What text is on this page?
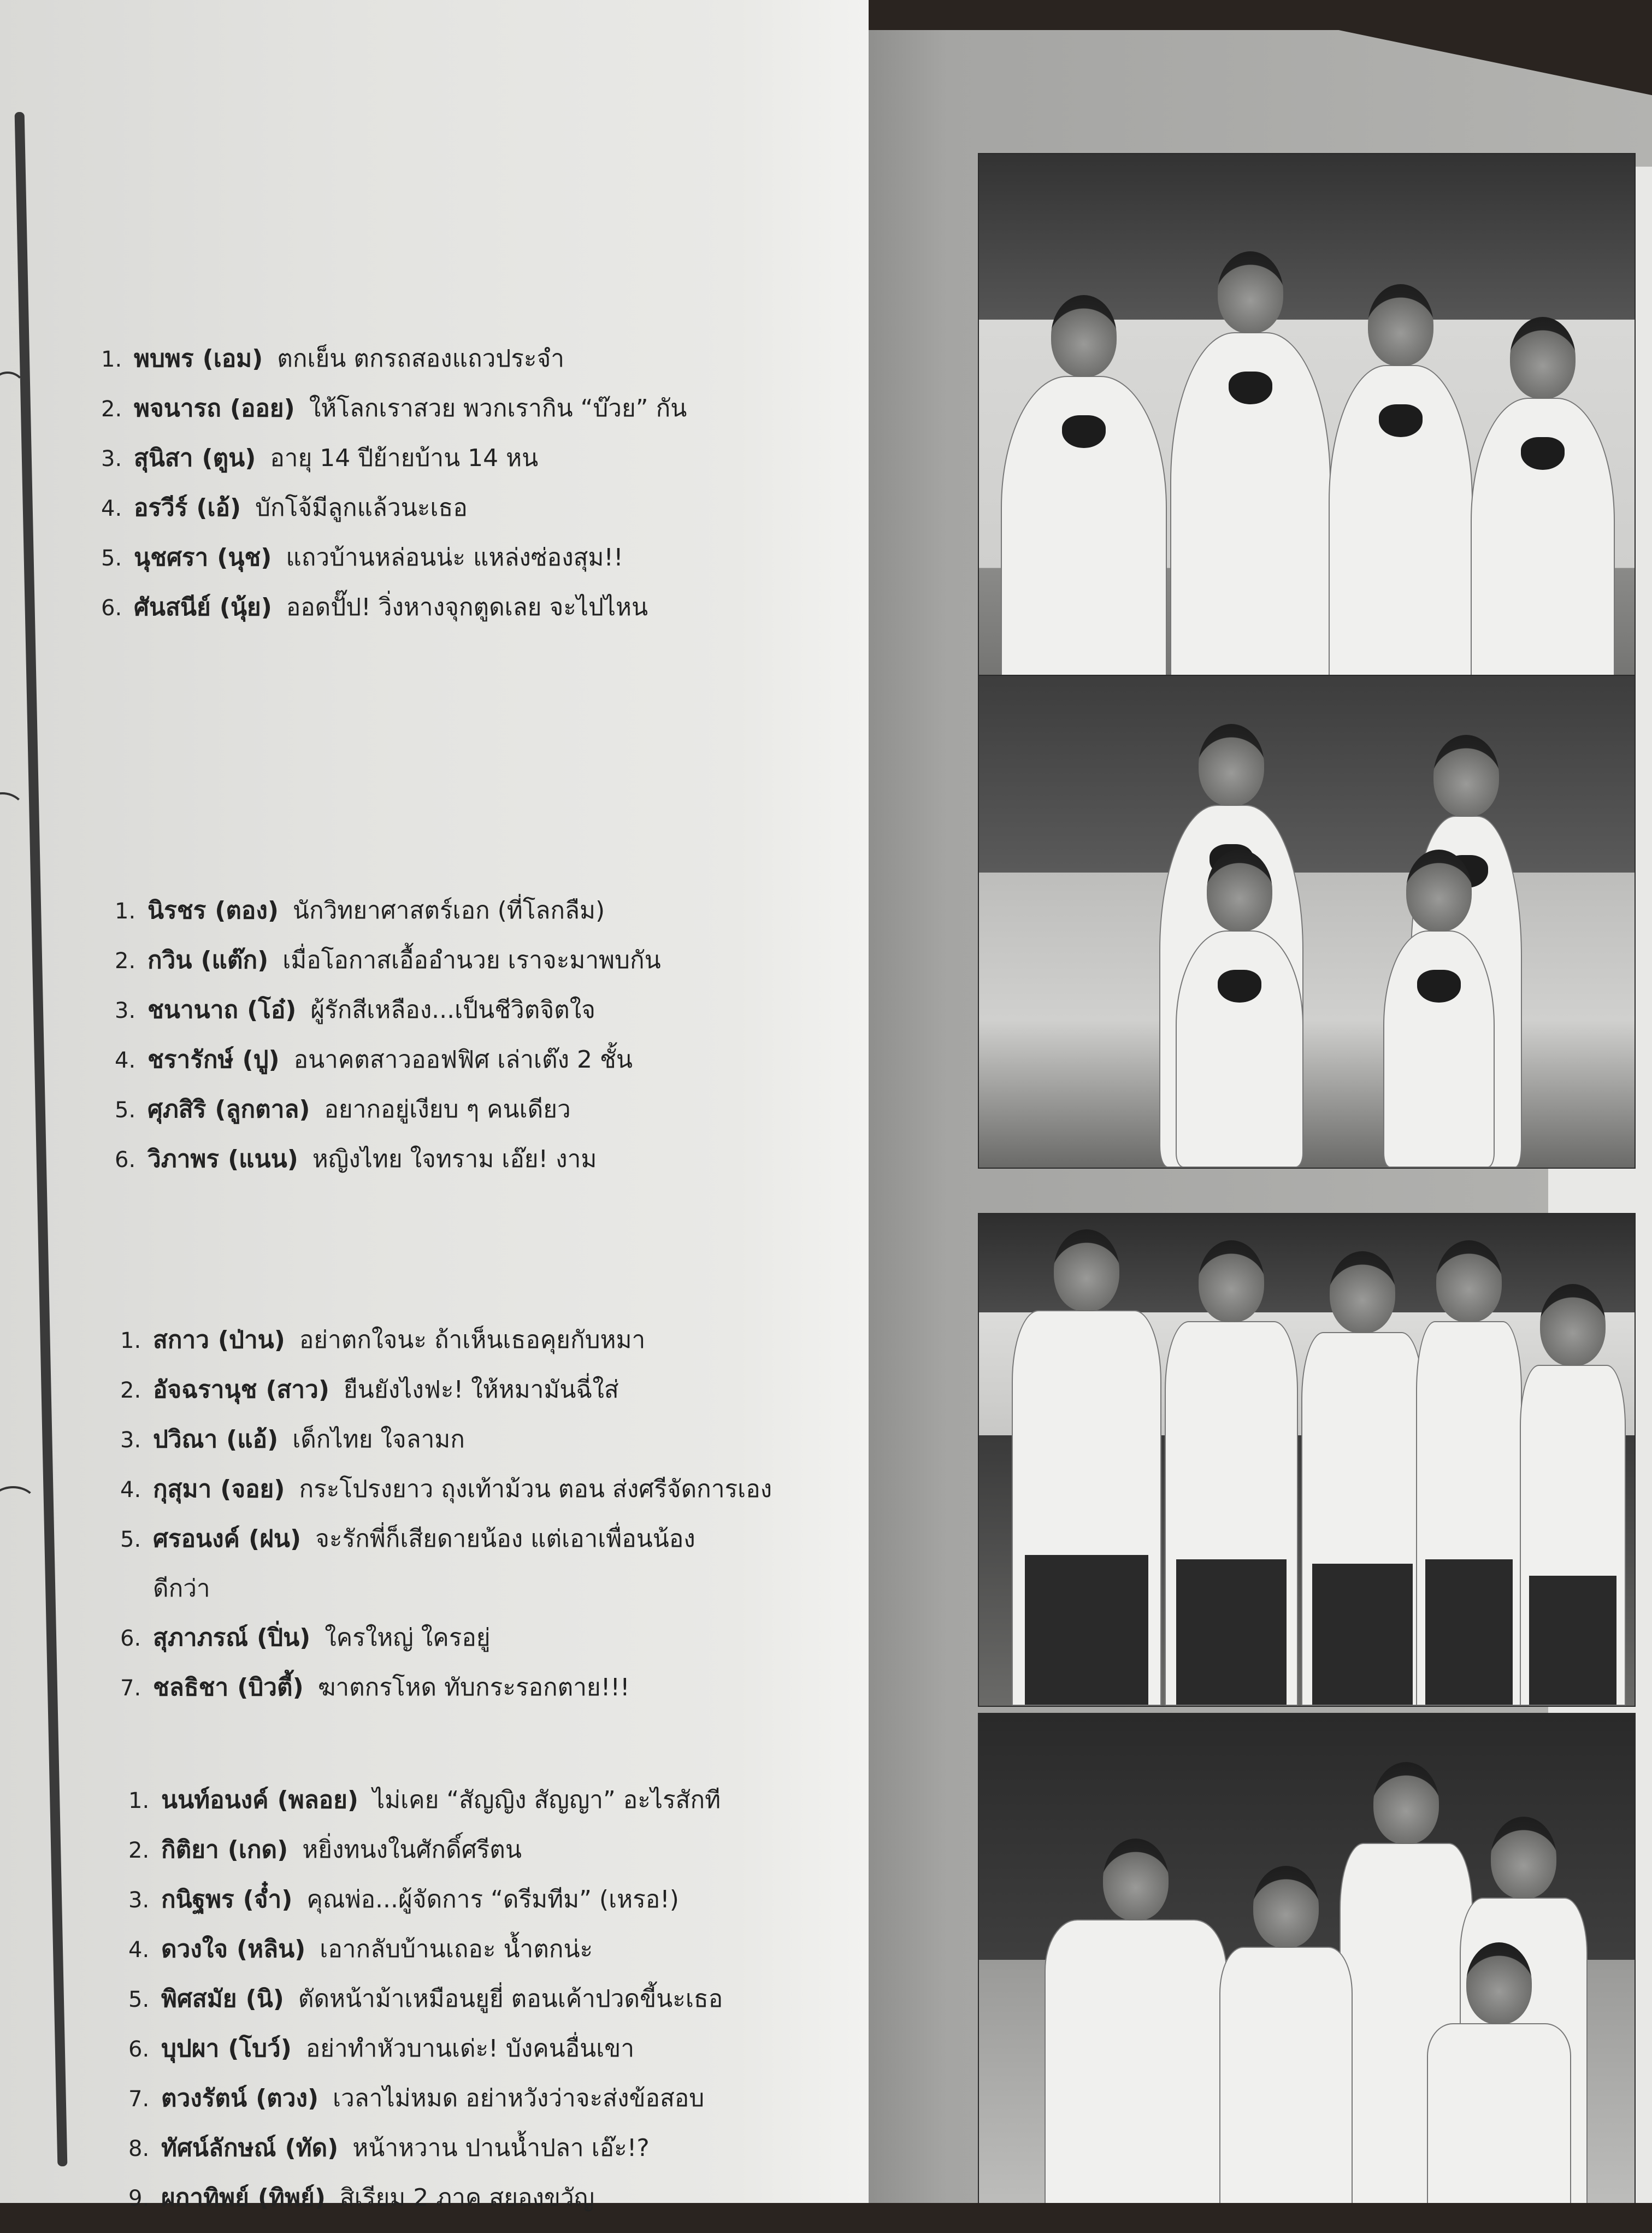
1. พบพร (เอม) ตกเย็น ตกรถสองแถวประจำ
2. พจนารถ (ออย) ให้โลกเราสวย พวกเรากิน “บ๊วย” กัน
3. สุนิสา (ตูน) อายุ 14 ปีย้ายบ้าน 14 หน
4. อรวีร์ (เอ้) บักโจ้มีลูกแล้วนะเธอ
5. นุชศรา (นุช) แถวบ้านหล่อนน่ะ แหล่งซ่องสุม!!
6. ศันสนีย์ (นุ้ย) ออดปั๊ป! วิ่งหางจุกตูดเลย จะไปไหน
1. นิรชร (ตอง) นักวิทยาศาสตร์เอก (ที่โลกลืม)
2. กวิน (แต๊ก) เมื่อโอกาสเอื้ออำนวย เราจะมาพบกัน
3. ชนานาถ (โอ๋) ผู้รักสีเหลือง...เป็นชีวิตจิตใจ
4. ชรารักษ์ (ปู) อนาคตสาวออฟฟิศ เล่าเต๊ง 2 ชั้น
5. ศุภสิริ (ลูกตาล) อยากอยู่เงียบ ๆ คนเดียว
6. วิภาพร (แนน) หญิงไทย ใจทราม เอ๊ย! งาม
1. สกาว (ป่าน) อย่าตกใจนะ ถ้าเห็นเธอคุยกับหมา
2. อัจฉรานุช (สาว) ยืนยังไงฟะ! ให้หมามันฉี่ใส่
3. ปวิณา (แอ้) เด็กไทย ใจลามก
4. กุสุมา (จอย) กระโปรงยาว ถุงเท้าม้วน ตอน ส่งศรีจัดการเอง
5. ศรอนงค์ (ฝน) จะรักพี่ก็เสียดายน้อง แต่เอาเพื่อนน้อง
ดีกว่า
6. สุภาภรณ์ (ปิ่น) ใครใหญ่ ใครอยู่
7. ชลธิชา (บิวตี้) ฆาตกรโหด ทับกระรอกตาย!!!
1. นนท์อนงค์ (พลอย) ไม่เคย “สัญญิง สัญญา” อะไรสักที
2. กิติยา (เกด) หยิ่งทนงในศักดิ์ศรีตน
3. กนิฐพร (จ๋ำ) คุณพ่อ...ผู้จัดการ “ดรีมทีม” (เหรอ!)
4. ดวงใจ (หลิน) เอากลับบ้านเถอะ น้ำตกน่ะ
5. พิศสมัย (นิ) ตัดหน้าม้าเหมือนยูยี่ ตอนเค้าปวดขี้นะเธอ
6. บุปผา (โบว์) อย่าทำหัวบานเด่ะ! บังคนอื่นเขา
7. ตวงรัตน์ (ตวง) เวลาไม่หมด อย่าหวังว่าจะส่งข้อสอบ
8. ทัศน์ลักษณ์ (ทัด) หน้าหวาน ปานน้ำปลา เอ๊ะ!?
9. ผกาทิพย์ (ทิพย์) สิเรียม 2 ภาค สยองขวัญ
